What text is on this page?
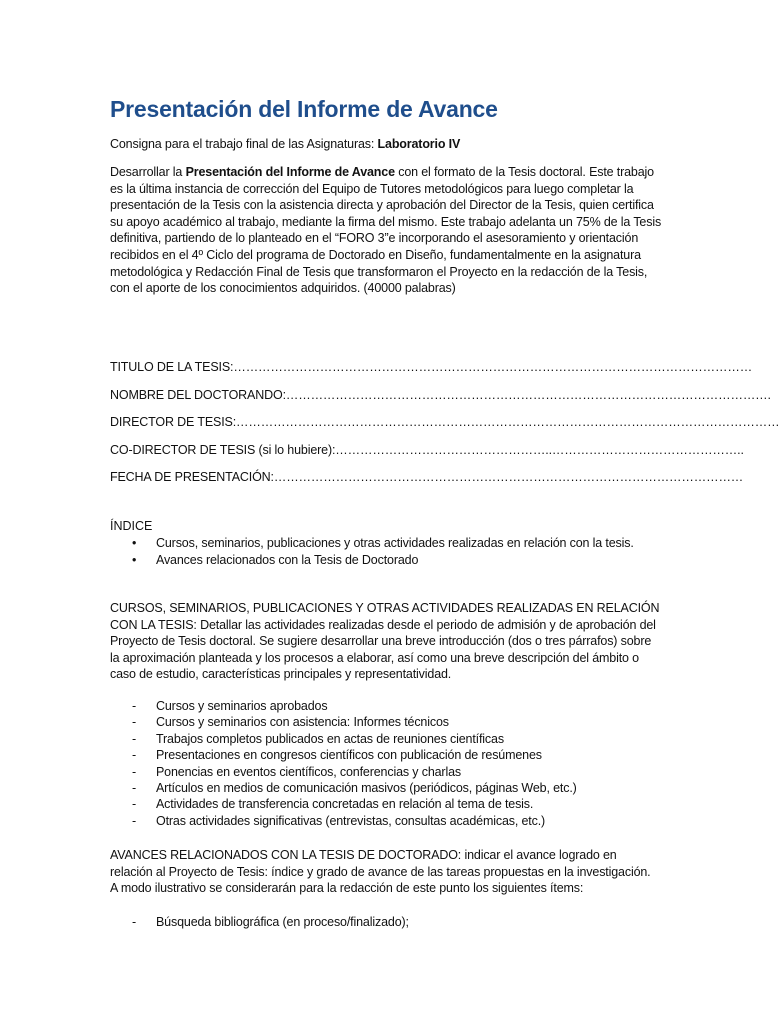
Presentación del Informe de Avance

Consigna para el trabajo final de las Asignaturas: Laboratorio IV

Desarrollar la Presentación del Informe de Avance con el formato de la Tesis doctoral. Este trabajo es la última instancia de corrección del Equipo de Tutores metodológicos para luego completar la presentación de la Tesis con la asistencia directa y aprobación del Director de la Tesis, quien certifica su apoyo académico al trabajo, mediante la firma del mismo. Este trabajo adelanta un 75% de la Tesis definitiva, partiendo de lo planteado en el “FORO 3”e incorporando el asesoramiento y orientación recibidos en el 4º Ciclo del programa de Doctorado en Diseño, fundamentalmente en la asignatura metodológica y Redacción Final de Tesis que transformaron el Proyecto en la redacción de la Tesis, con el aporte de los conocimientos adquiridos. (40000 palabras)

TITULO DE LA TESIS:………………………………………………………………………………………………………………

NOMBRE DEL DOCTORANDO:……………………………………………………………………………………………………….

DIRECTOR DE TESIS:……………………………………………………………………………………………………………………

CO-DIRECTOR DE TESIS (si lo hubiere):……………………………………………..………………………………………..

FECHA DE PRESENTACIÓN:……………………………………………………………………………………………………

ÍNDICE

• Cursos, seminarios, publicaciones y otras actividades realizadas en relación con la tesis.
• Avances relacionados con la Tesis de Doctorado

CURSOS, SEMINARIOS, PUBLICACIONES Y OTRAS ACTIVIDADES REALIZADAS EN RELACIÓN CON LA TESIS: Detallar las actividades realizadas desde el periodo de admisión y de aprobación del Proyecto de Tesis doctoral. Se sugiere desarrollar una breve introducción (dos o tres párrafos) sobre la aproximación planteada y los procesos a elaborar, así como una breve descripción del ámbito o caso de estudio, características principales y representatividad.

- Cursos y seminarios aprobados
- Cursos y seminarios con asistencia: Informes técnicos
- Trabajos completos publicados en actas de reuniones científicas
- Presentaciones en congresos científicos con publicación de resúmenes
- Ponencias en eventos científicos, conferencias y charlas
- Artículos en medios de comunicación masivos (periódicos, páginas Web, etc.)
- Actividades de transferencia concretadas en relación al tema de tesis.
- Otras actividades significativas (entrevistas, consultas académicas, etc.)

AVANCES RELACIONADOS CON LA TESIS DE DOCTORADO: indicar el avance logrado en relación al Proyecto de Tesis: índice y grado de avance de las tareas propuestas en la investigación.
A modo ilustrativo se considerarán para la redacción de este punto los siguientes ítems:

- Búsqueda bibliográfica (en proceso/finalizado);
